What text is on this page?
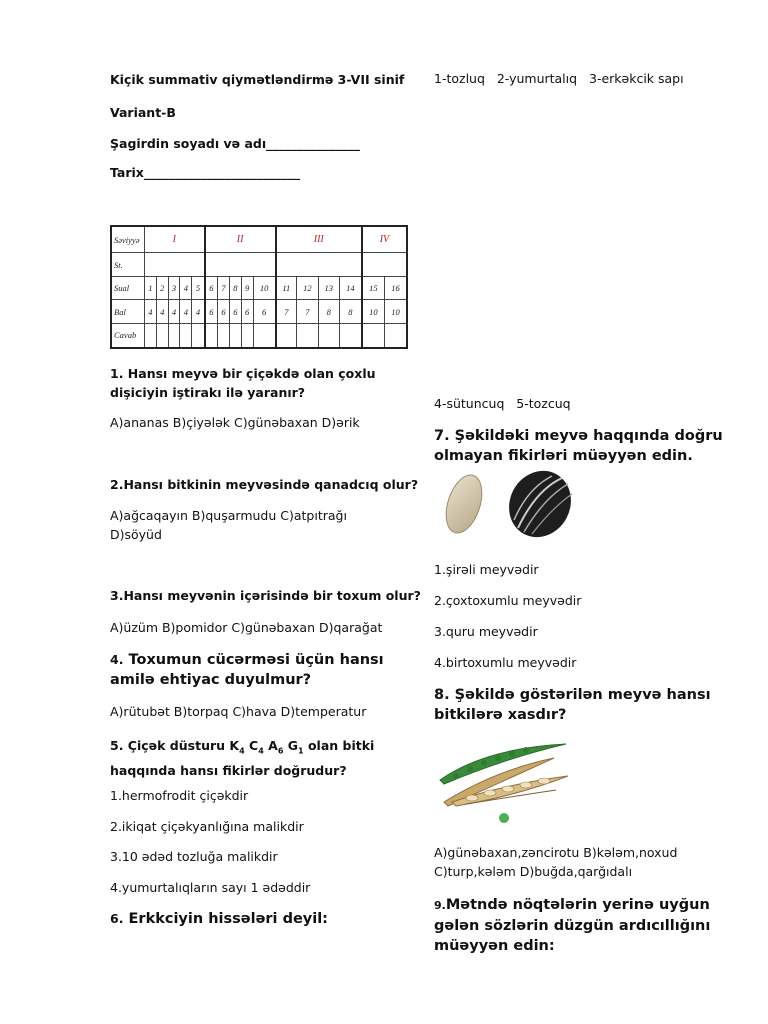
Kiçik summativ qiymətləndirmə 3-VII sinif

Variant-B

Şagirdin soyadı və adı_______________

Tarix_________________________

Səviyyə	I					II					III				IV	
St.																
Sual	1	2	3	4	5	6	7	8	9	10	11	12	13	14	15	16
Bal	4	4	4	4	4	6	6	6	6	6	7	7	8	8	10	10
Cavab																

1. Hansı meyvə bir çiçəkdə olan çoxlu dişiciyin iştirakı ilə yaranır?

A)ananas B)çiyələk C)günəbaxan D)ərik

2.Hansı bitkinin meyvəsində qanadcıq olur?

A)ağcaqayın B)quşarmudu C)atpıtrağı D)söyüd

3.Hansı meyvənin içərisində bir toxum olur?

A)üzüm B)pomidor C)günəbaxan D)qarağat

4. Toxumun cücərməsi üçün hansı amilə ehtiyac duyulmur?

A)rütubət B)torpaq C)hava D)temperatur

5. Çiçək düsturu $K_4$ $C_4$ $A_6$ $G_1$ olan bitki haqqında hansı fikirlər doğrudur?

1.hermofrodit çiçəkdir

2.ikiqat çiçəkyanlığına malikdir

3.10 ədəd tozluğa malikdir

4.yumurtalıqların sayı 1 ədəddir

6. Erkkciyin hissələri deyil:

1-tozluq   2-yumurtalıq   3-erkəkcik sapı

4-sütuncuq   5-tozcuq

7. Şəkildəki meyvə haqqında doğru olmayan fikirləri müəyyən edin.

1.şirəli meyvədir

2.çoxtoxumlu meyvədir

3.quru meyvədir

4.birtoxumlu meyvədir

8. Şəkildə göstərilən meyvə hansı bitkilərə xasdır?

A)günəbaxan,zəncirotu B)kələm,noxud C)turp,kələm D)buğda,qarğıdalı

9.Mətndə nöqtələrin yerinə uyğun gələn sözlərin düzgün ardıcıllığını müəyyən edin:
